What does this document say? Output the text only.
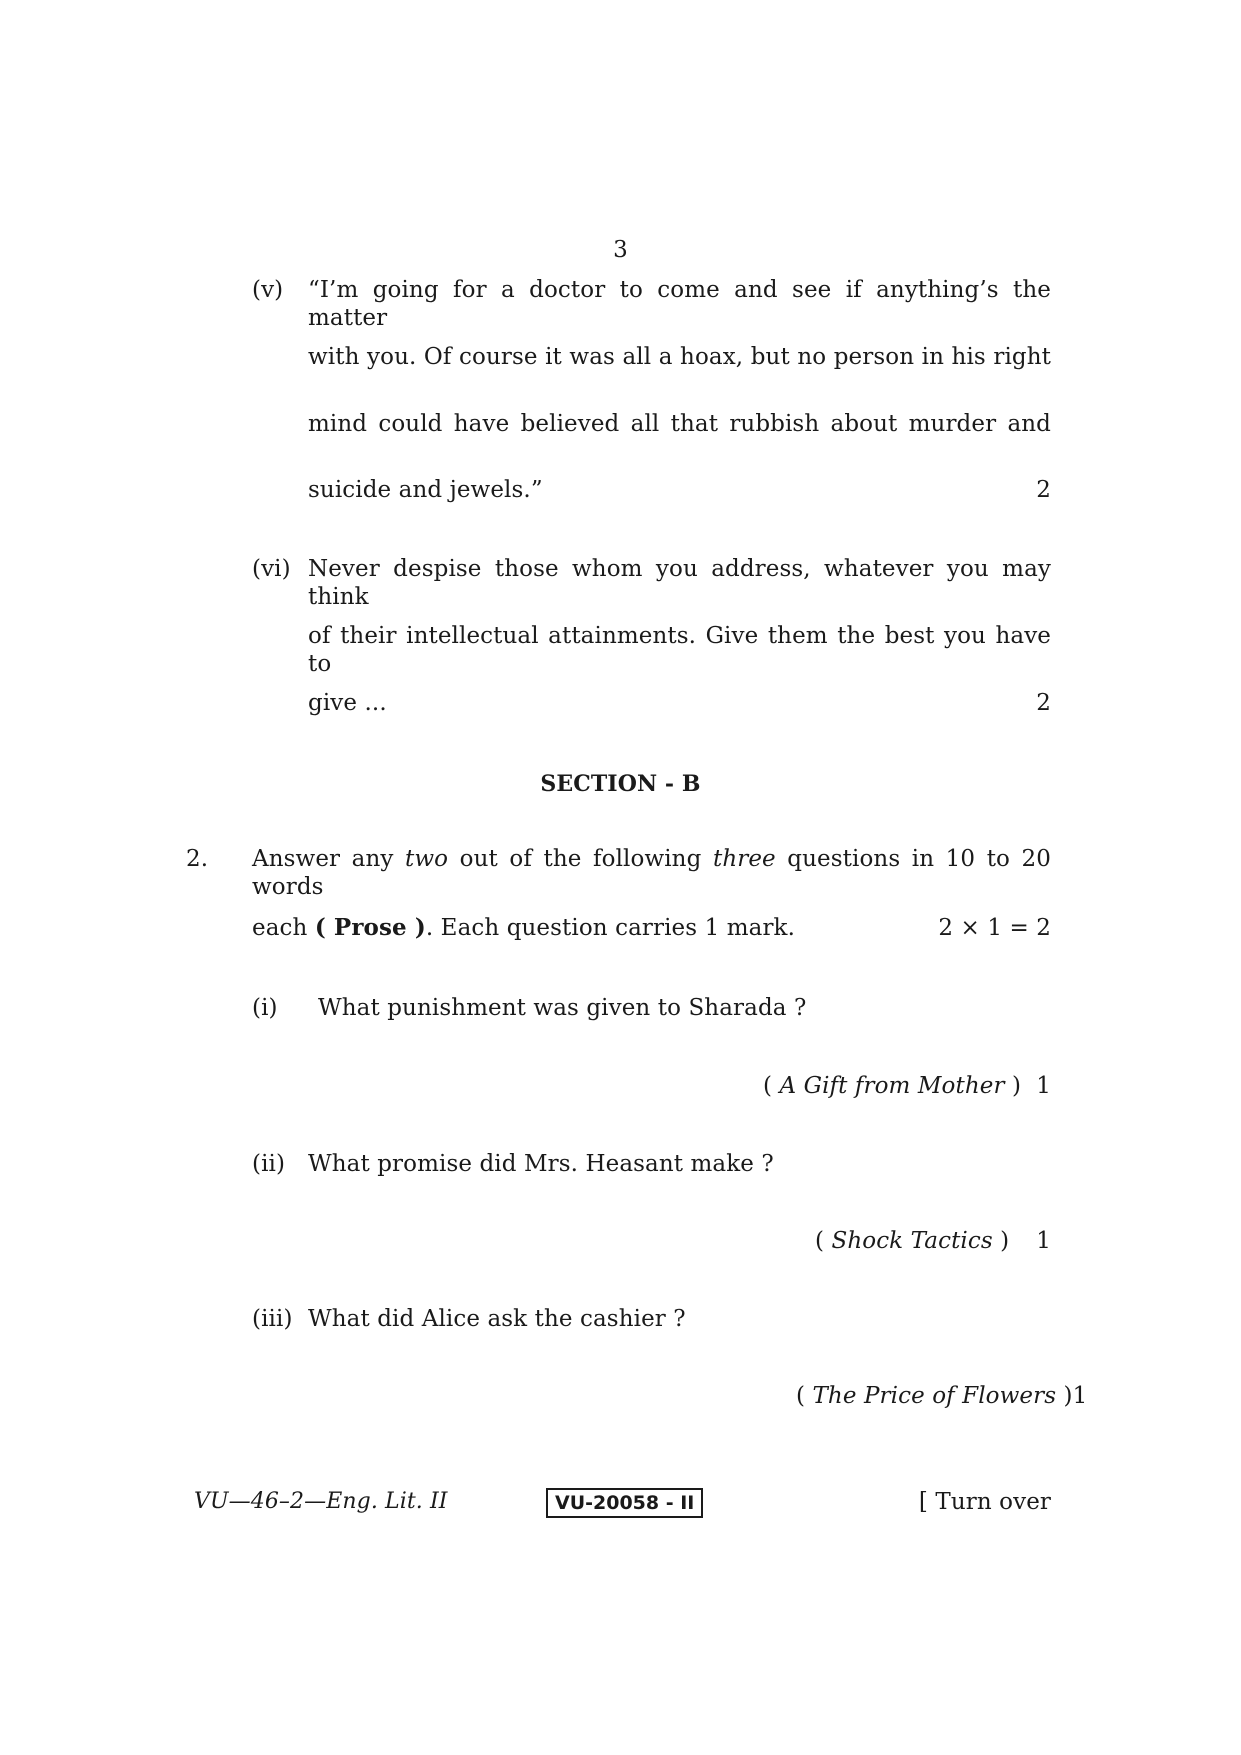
3
(v) “I’m going for a doctor to come and see if anything’s the matter
with you. Of course it was all a hoax, but no person in his right
mind could have believed all that rubbish about murder and
suicide and jewels.”	2
(vi) Never despise those whom you address, whatever you may think
of their intellectual attainments. Give them the best you have to
give ...	2
SECTION - B
2. Answer any two out of the following three questions in 10 to 20 words
each ( Prose ). Each question carries 1 mark.	2 × 1 = 2
(i) What punishment was given to Sharada ?
( A Gift from Mother ) 1
(ii) What promise did Mrs. Heasant make ?
( Shock Tactics )	1
(iii) What did Alice ask the cashier ?
( The Price of Flowers )1
VU—46–2—Eng. Lit. II	VU-20058 - II	[ Turn over
